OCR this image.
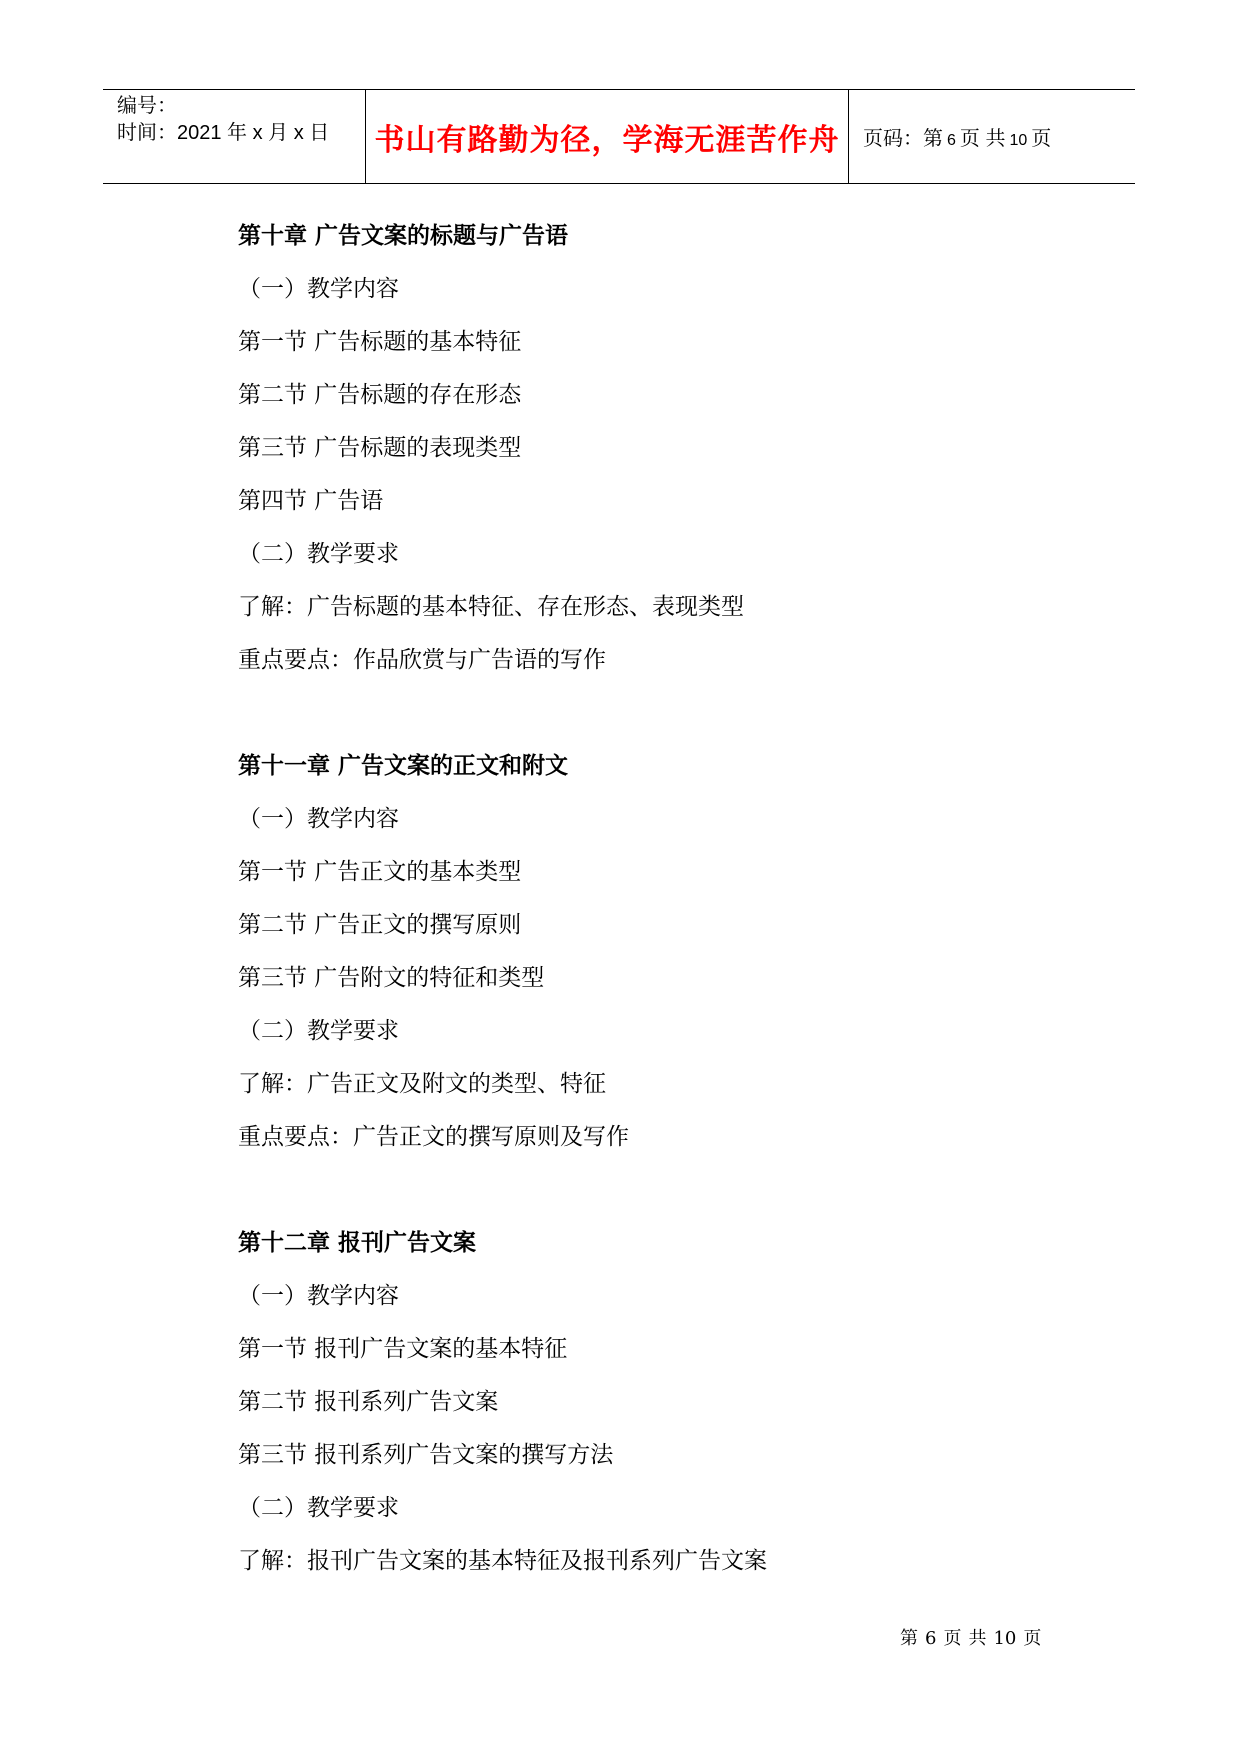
编号：
时间：2021 年 x 月 x 日 书山有路勤为径，学海无涯苦作舟 页码：第 6 页 共 10 页
第十章 广告文案的标题与广告语
（一）教学内容
第一节 广告标题的基本特征
第二节 广告标题的存在形态
第三节 广告标题的表现类型
第四节 广告语
（二）教学要求
了解：广告标题的基本特征、存在形态、表现类型
重点要点：作品欣赏与广告语的写作
第十一章 广告文案的正文和附文
（一）教学内容
第一节 广告正文的基本类型
第二节 广告正文的撰写原则
第三节 广告附文的特征和类型
（二）教学要求
了解：广告正文及附文的类型、特征
重点要点：广告正文的撰写原则及写作
第十二章 报刊广告文案
（一）教学内容
第一节 报刊广告文案的基本特征
第二节 报刊系列广告文案
第三节 报刊系列广告文案的撰写方法
（二）教学要求
了解：报刊广告文案的基本特征及报刊系列广告文案
第 6 页 共 10 页
